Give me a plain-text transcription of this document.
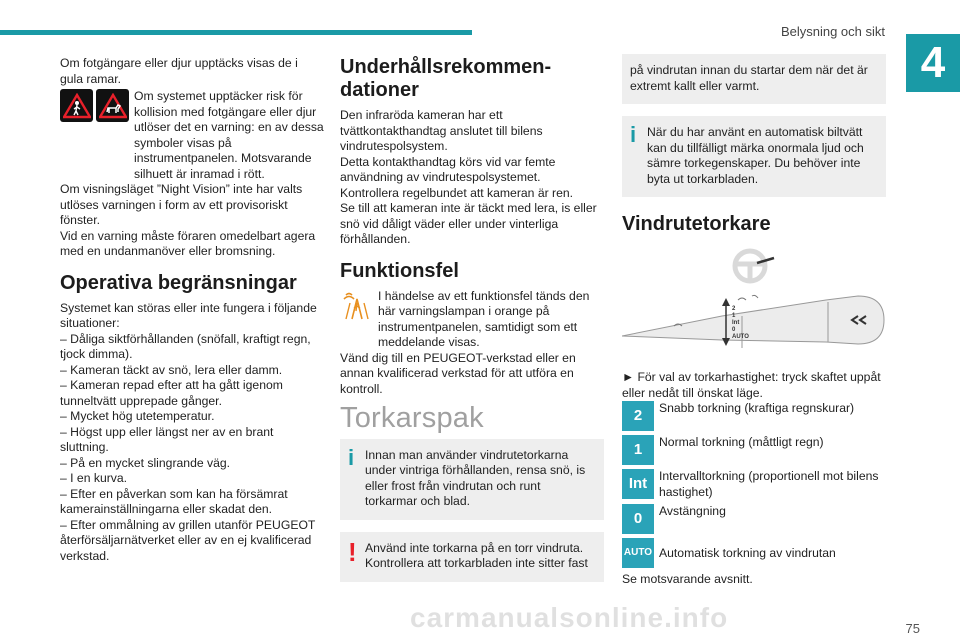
Belysning och sikt
4

Om fotgängare eller djur upptäcks visas de i gula ramar.

Om systemet upptäcker risk för kollision med fotgängare eller djur utlöser det en varning: en av dessa symboler visas på instrumentpanelen. Motsvarande silhuett är inramad i rött.

Om visningsläget ”Night Vision” inte har valts utlöses varningen i form av ett provisoriskt fönster.

Vid en varning måste föraren omedelbart agera med en undanmanöver eller bromsning.

Operativa begränsningar

Systemet kan störas eller inte fungera i följande situationer:

– Dåliga siktförhållanden (snöfall, kraftigt regn, tjock dimma).

– Kameran täckt av snö, lera eller damm.

– Kameran repad efter att ha gått igenom tunneltvätt upprepade gånger.

– Mycket hög utetemperatur.

– Högst upp eller längst ner av en brant sluttning.

– På en mycket slingrande väg.

– I en kurva.

– Efter en påverkan som kan ha försämrat kamerainställningarna eller skadat den.

– Efter ommålning av grillen utanför PEUGEOT återförsäljarnätverket eller av en ej kvalificerad verkstad.

Underhållsrekommen-dationer

Den infraröda kameran har ett tvättkontakthandtag anslutet till bilens vindrutespolsystem.

Detta kontakthandtag körs vid var femte användning av vindrutespolsystemet.

Kontrollera regelbundet att kameran är ren.

Se till att kameran inte är täckt med lera, is eller snö vid dåligt väder eller under vinterliga förhållanden.

Funktionsfel
I händelse av ett funktionsfel tänds den här varningslampan i orange på instrumentpanelen, samtidigt som ett meddelande visas.

Vänd dig till en PEUGEOT-verkstad eller en annan kvalificerad verkstad för att utföra en kontroll.

Torkarspak
i Innan man använder vindrutetorkarna under vintriga förhållanden, rensa snö, is eller frost från vindrutan och runt torkarmar och blad.
! Använd inte torkarna på en torr vindruta. Kontrollera att torkarbladen inte sitter fast
på vindrutan innan du startar dem när det är extremt kallt eller varmt.
i När du har använt en automatisk biltvätt kan du tillfälligt märka onormala ljud och sämre torkegenskaper. Du behöver inte byta ut torkarbladen.
Vindrutetorkare
2
1
Int
0
AUTO

► För val av torkarhastighet: tryck skaftet uppåt eller nedåt till önskat läge.

2	Snabb torkning (kraftiga regnskurar)
1	Normal torkning (måttligt regn)
Int Intervalltorkning (proportionell mot bilens hastighet)
0	Avstängning
AUTO Automatisk torkning av vindrutan

Se motsvarande avsnitt.

75
carmanualsonline.info
